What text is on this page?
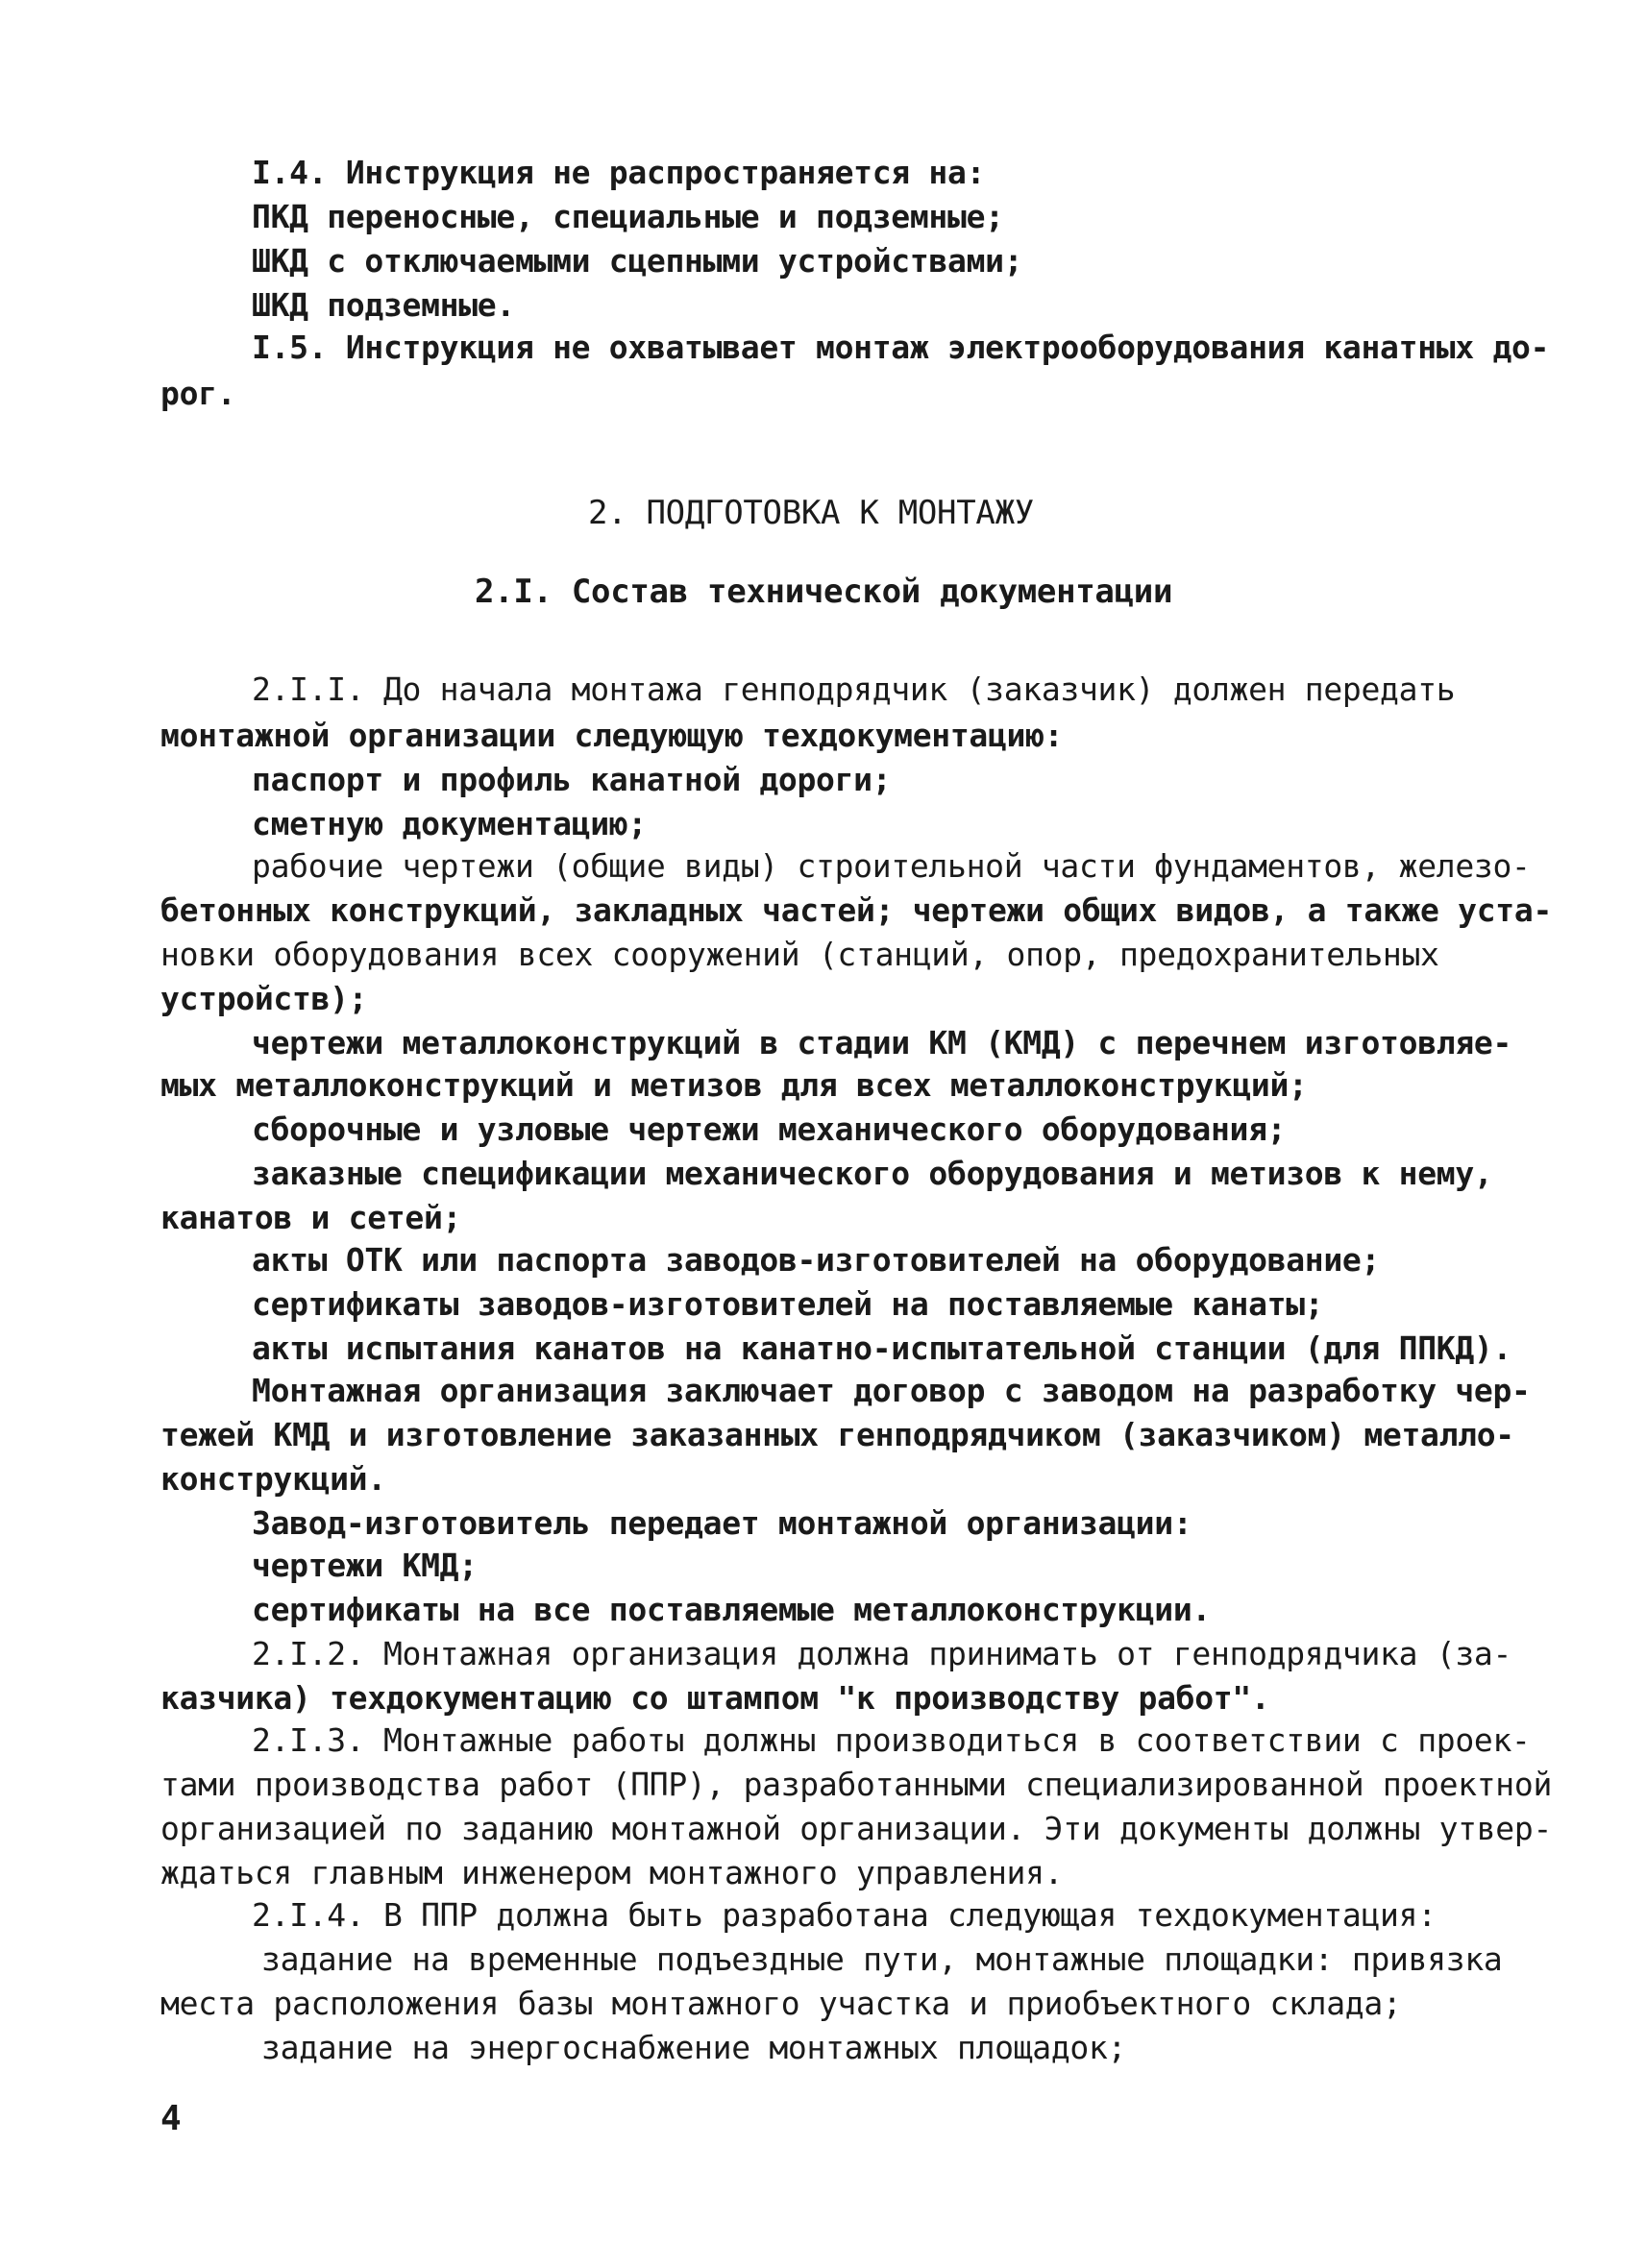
I.4. Инструкция не распространяется на:

ПКД переносные, специальные и подземные;

ШКД с отключаемыми сцепными устройствами;

ШКД подземные.

I.5. Инструкция не охватывает монтаж электрооборудования канатных до-

рог.

2. ПОДГОТОВКА К МОНТАЖУ

2.I. Состав технической документации

2.I.I. До начала монтажа генподрядчик (заказчик) должен передать

монтажной организации следующую техдокументацию:

паспорт и профиль канатной дороги;

сметную документацию;

рабочие чертежи (общие виды) строительной части фундаментов, железо-

бетонных конструкций, закладных частей; чертежи общих видов, а также уста-

новки оборудования всех сооружений (станций, опор, предохранительных

устройств);

чертежи металлоконструкций в стадии КМ (КМД) с перечнем изготовляе-

мых металлоконструкций и метизов для всех металлоконструкций;

сборочные и узловые чертежи механического оборудования;

заказные спецификации механического оборудования и метизов к нему,

канатов и сетей;

акты ОТК или паспорта заводов-изготовителей на оборудование;

сертификаты заводов-изготовителей на поставляемые канаты;

акты испытания канатов на канатно-испытательной станции (для ППКД).

Монтажная организация заключает договор с заводом на разработку чер-

тежей КМД и изготовление заказанных генподрядчиком (заказчиком) металло-

конструкций.

Завод-изготовитель передает монтажной организации:

чертежи КМД;

сертификаты на все поставляемые металлоконструкции.

2.I.2. Монтажная организация должна принимать от генподрядчика (за-

казчика) техдокументацию со штампом "к производству работ".

2.I.3. Монтажные работы должны производиться в соответствии с проек-

тами производства работ (ППР), разработанными специализированной проектной

организацией по заданию монтажной организации. Эти документы должны утвер-

ждаться главным инженером монтажного управления.

2.I.4. В ППР должна быть разработана следующая техдокументация:

задание на временные подъездные пути, монтажные площадки: привязка

места расположения базы монтажного участка и приобъектного склада;

задание на энергоснабжение монтажных площадок;

4
